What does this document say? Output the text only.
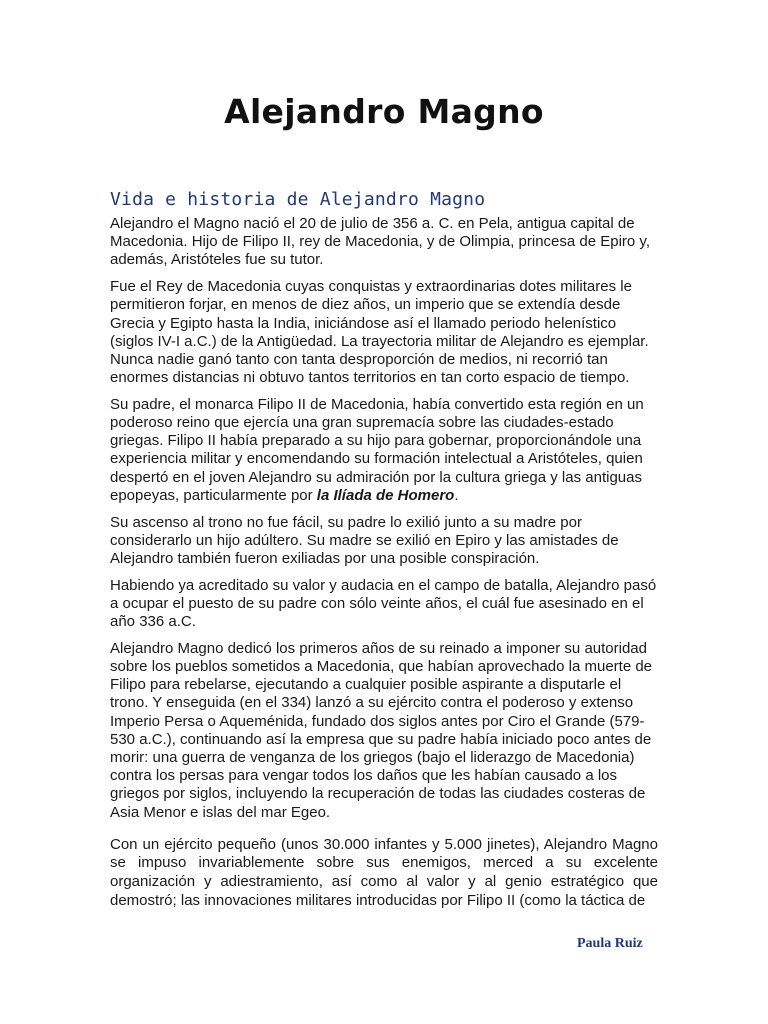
Alejandro Magno
Vida e historia de Alejandro Magno

Alejandro el Magno nació el 20 de julio de 356 a. C. en Pela, antigua capital de Macedonia. Hijo de Filipo II, rey de Macedonia, y de Olimpia, princesa de Epiro y, además, Aristóteles fue su tutor.

Fue el Rey de Macedonia cuyas conquistas y extraordinarias dotes militares le permitieron forjar, en menos de diez años, un imperio que se extendía desde Grecia y Egipto hasta la India, iniciándose así el llamado periodo helenístico (siglos IV-I a.C.) de la Antigüedad. La trayectoria militar de Alejandro es ejemplar. Nunca nadie ganó tanto con tanta desproporción de medios, ni recorrió tan enormes distancias ni obtuvo tantos territorios en tan corto espacio de tiempo.

Su padre, el monarca Filipo II de Macedonia, había convertido esta región en un poderoso reino que ejercía una gran supremacía sobre las ciudades-estado griegas. Filipo II había preparado a su hijo para gobernar, proporcionándole una experiencia militar y encomendando su formación intelectual a Aristóteles, quien despertó en el joven Alejandro su admiración por la cultura griega y las antiguas epopeyas, particularmente por la Ilíada de Homero.

Su ascenso al trono no fue fácil, su padre lo exilió junto a su madre por considerarlo un hijo adúltero. Su madre se exilió en Epiro y las amistades de Alejandro también fueron exiliadas por una posible conspiración.

Habiendo ya acreditado su valor y audacia en el campo de batalla, Alejandro pasó a ocupar el puesto de su padre con sólo veinte años, el cuál fue asesinado en el año 336 a.C.

Alejandro Magno dedicó los primeros años de su reinado a imponer su autoridad sobre los pueblos sometidos a Macedonia, que habían aprovechado la muerte de Filipo para rebelarse, ejecutando a cualquier posible aspirante a disputarle el trono. Y enseguida (en el 334) lanzó a su ejército contra el poderoso y extenso Imperio Persa o Aqueménida, fundado dos siglos antes por Ciro el Grande (579-530 a.C.), continuando así la empresa que su padre había iniciado poco antes de morir: una guerra de venganza de los griegos (bajo el liderazgo de Macedonia) contra los persas para vengar todos los daños que les habían causado a los griegos por siglos, incluyendo la recuperación de todas las ciudades costeras de Asia Menor e islas del mar Egeo.

Con un ejército pequeño (unos 30.000 infantes y 5.000 jinetes), Alejandro Magno se impuso invariablemente sobre sus enemigos, merced a su excelente organización y adiestramiento, así como al valor y al genio estratégico que demostró; las innovaciones militares introducidas por Filipo II (como la táctica de

Paula Ruiz
